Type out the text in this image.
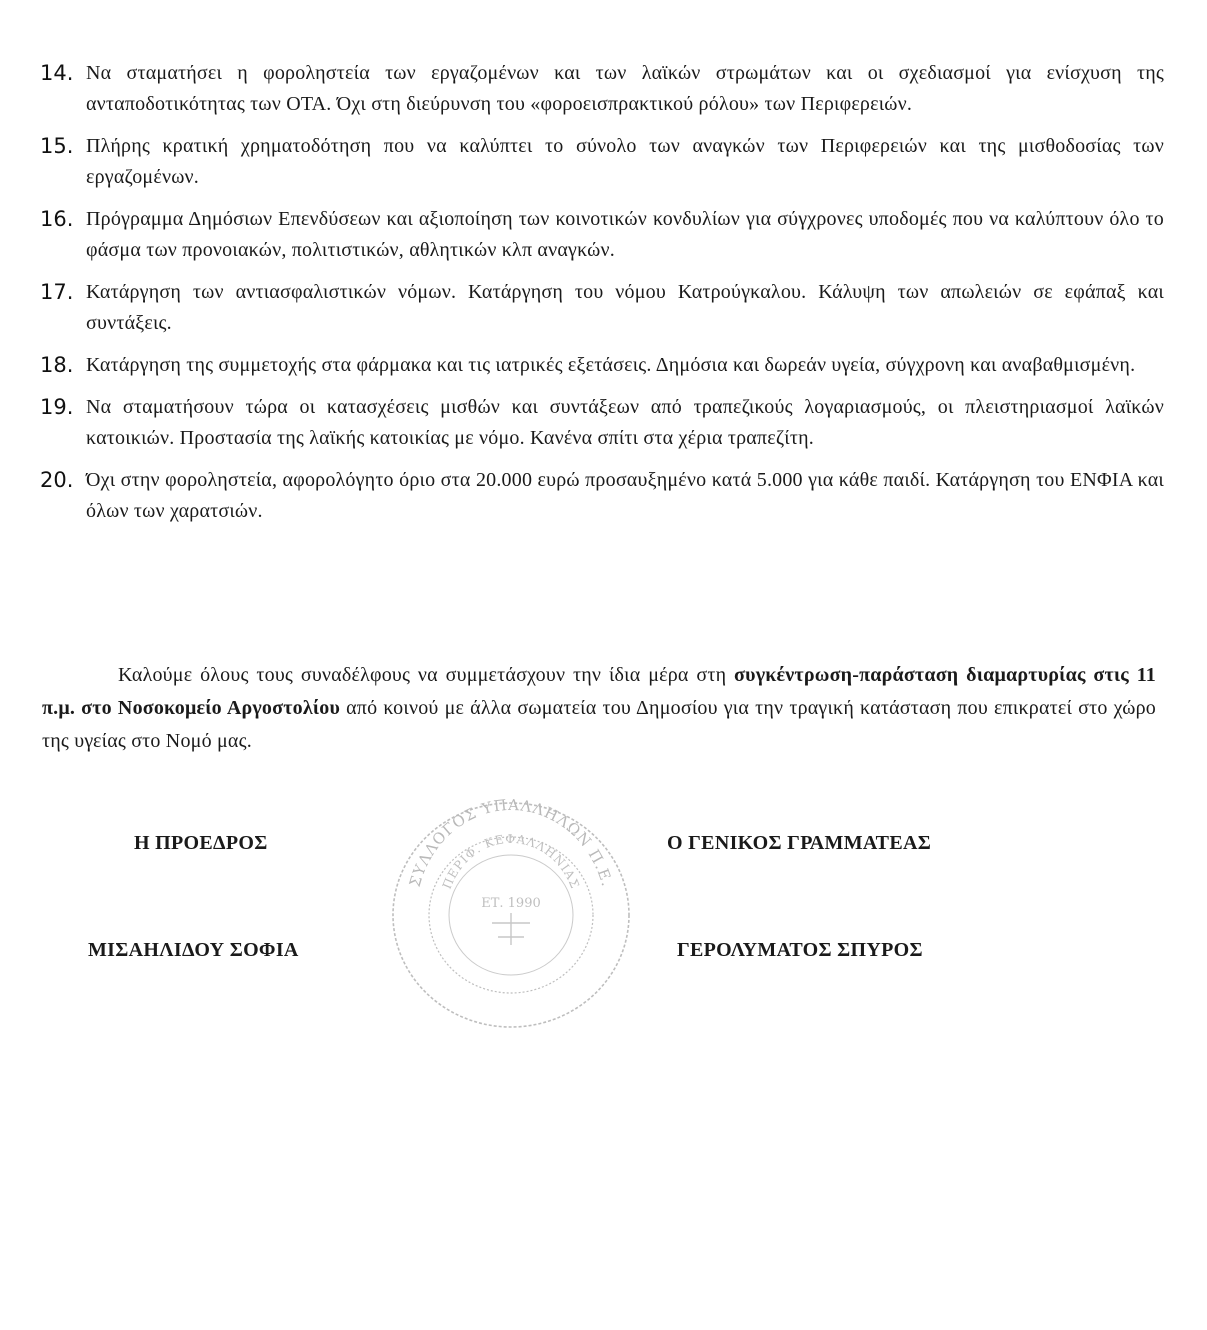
14. Να σταματήσει η φοροληστεία των εργαζομένων και των λαϊκών στρωμάτων και οι σχεδιασμοί για ενίσχυση της ανταποδοτικότητας των ΟΤΑ. Όχι στη διεύρυνση του «φοροεισπρακτικού ρόλου» των Περιφερειών.
15. Πλήρης κρατική χρηματοδότηση που να καλύπτει το σύνολο των αναγκών των Περιφερειών και της μισθοδοσίας των εργαζομένων.
16. Πρόγραμμα Δημόσιων Επενδύσεων και αξιοποίηση των κοινοτικών κονδυλίων για σύγχρονες υποδομές που να καλύπτουν όλο το φάσμα των προνοιακών, πολιτιστικών, αθλητικών κλπ αναγκών.
17. Κατάργηση των αντιασφαλιστικών νόμων. Κατάργηση του νόμου Κατρούγκαλου. Κάλυψη των απωλειών σε εφάπαξ και συντάξεις.
18. Κατάργηση της συμμετοχής στα φάρμακα και τις ιατρικές εξετάσεις. Δημόσια και δωρεάν υγεία, σύγχρονη και αναβαθμισμένη.
19. Να σταματήσουν τώρα οι κατασχέσεις μισθών και συντάξεων από τραπεζικούς λογαριασμούς, οι πλειστηριασμοί λαϊκών κατοικιών. Προστασία της λαϊκής κατοικίας με νόμο. Κανένα σπίτι στα χέρια τραπεζίτη.
20. Όχι στην φοροληστεία, αφορολόγητο όριο στα 20.000 ευρώ προσαυξημένο κατά 5.000 για κάθε παιδί. Κατάργηση του ΕΝΦΙΑ και όλων των χαρατσιών.

Καλούμε όλους τους συναδέλφους να συμμετάσχουν την ίδια μέρα στη συγκέντρωση-παράσταση διαμαρτυρίας στις 11 π.μ. στο Νοσοκομείο Αργοστολίου από κοινού με άλλα σωματεία του Δημοσίου για την τραγική κατάσταση που επικρατεί στο χώρο της υγείας στο Νομό μας.

Η ΠΡΟΕΔΡΟΣ
ΜΙΣΑΗΛΙΔΟΥ ΣΟΦΙΑ
Ο ΓΕΝΙΚΟΣ ΓΡΑΜΜΑΤΕΑΣ
ΓΕΡΟΛΥΜΑΤΟΣ ΣΠΥΡΟΣ
ΣΥΛΛΟΓΟΣ ΥΠΑΛΛΗΛΩΝ Π.Ε.
ΠΕΡΙΦ. ΚΕΦΑΛΛΗΝΙΑΣ
ΕΤ. 1990
